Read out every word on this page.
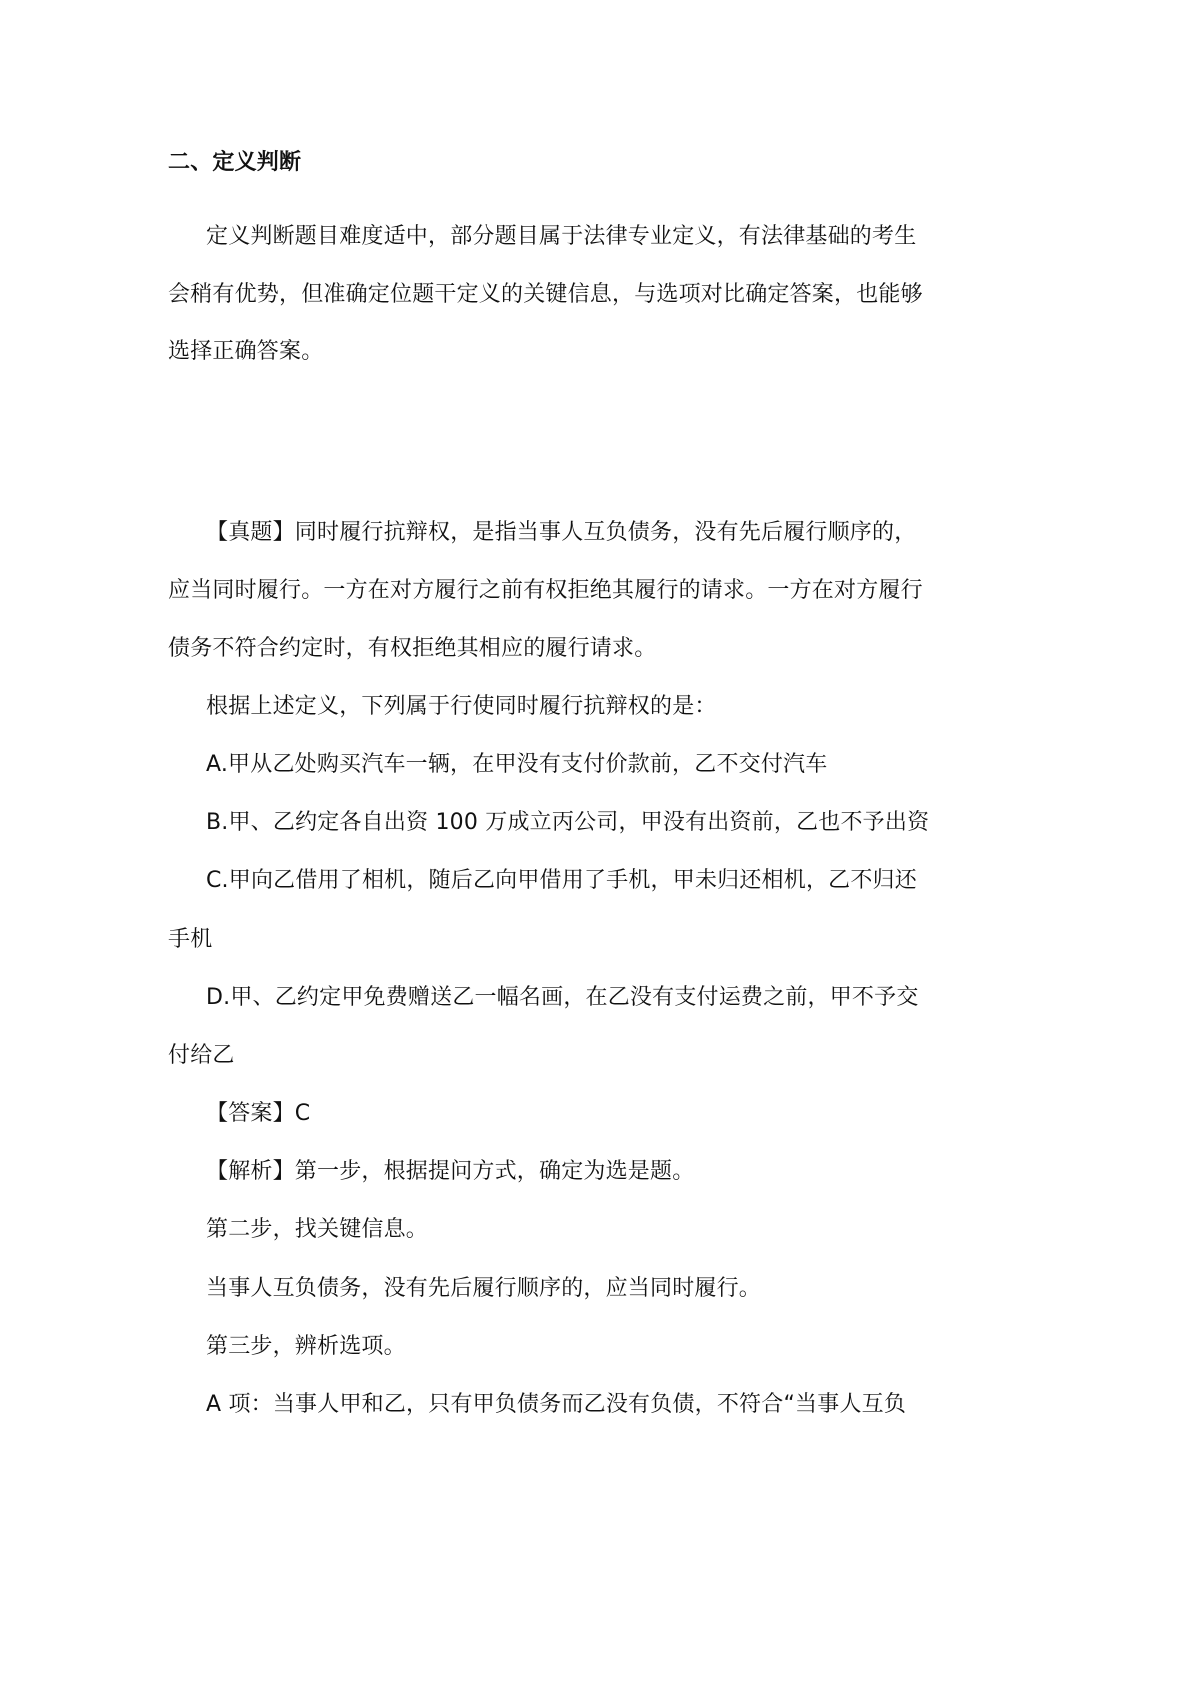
二、定义判断
定义判断题目难度适中，部分题目属于法律专业定义，有法律基础的考生
会稍有优势，但准确定位题干定义的关键信息，与选项对比确定答案，也能够
选择正确答案。
【真题】同时履行抗辩权，是指当事人互负债务，没有先后履行顺序的，
应当同时履行。一方在对方履行之前有权拒绝其履行的请求。一方在对方履行
债务不符合约定时，有权拒绝其相应的履行请求。
根据上述定义，下列属于行使同时履行抗辩权的是：
A.甲从乙处购买汽车一辆，在甲没有支付价款前，乙不交付汽车
B.甲、乙约定各自出资 100 万成立丙公司，甲没有出资前，乙也不予出资
C.甲向乙借用了相机，随后乙向甲借用了手机，甲未归还相机，乙不归还
手机
D.甲、乙约定甲免费赠送乙一幅名画，在乙没有支付运费之前，甲不予交
付给乙
【答案】C
【解析】第一步，根据提问方式，确定为选是题。
第二步，找关键信息。
当事人互负债务，没有先后履行顺序的，应当同时履行。
第三步，辨析选项。
A 项：当事人甲和乙，只有甲负债务而乙没有负债，不符合“当事人互负
